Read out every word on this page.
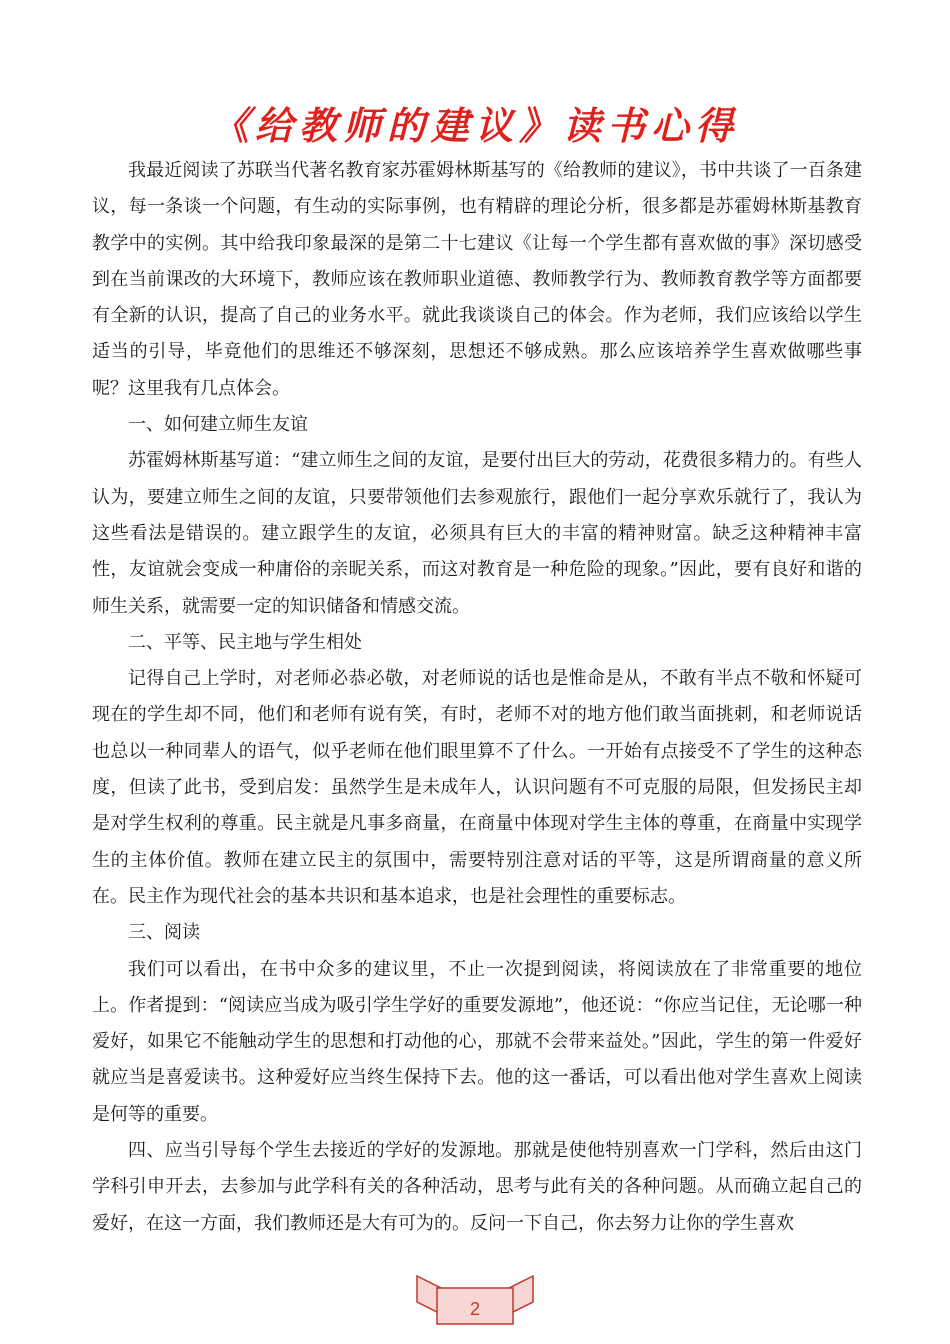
《给教师的建议》读书心得

我最近阅读了苏联当代著名教育家苏霍姆林斯基写的《给教师的建议》，书中共谈了一百条建议，每一条谈一个问题，有生动的实际事例，也有精辟的理论分析，很多都是苏霍姆林斯基教育教学中的实例。其中给我印象最深的是第二十七建议《让每一个学生都有喜欢做的事》深切感受到在当前课改的大环境下，教师应该在教师职业道德、教师教学行为、教师教育教学等方面都要有全新的认识，提高了自己的业务水平。就此我谈谈自己的体会。作为老师，我们应该给以学生适当的引导，毕竟他们的思维还不够深刻，思想还不够成熟。那么应该培养学生喜欢做哪些事呢？这里我有几点体会。

一、如何建立师生友谊

苏霍姆林斯基写道：“建立师生之间的友谊，是要付出巨大的劳动，花费很多精力的。有些人认为，要建立师生之间的友谊，只要带领他们去参观旅行，跟他们一起分享欢乐就行了，我认为这些看法是错误的。建立跟学生的友谊，必须具有巨大的丰富的精神财富。缺乏这种精神丰富性，友谊就会变成一种庸俗的亲昵关系，而这对教育是一种危险的现象。”因此，要有良好和谐的师生关系，就需要一定的知识储备和情感交流。

二、平等、民主地与学生相处

记得自己上学时，对老师必恭必敬，对老师说的话也是惟命是从，不敢有半点不敬和怀疑可现在的学生却不同，他们和老师有说有笑，有时，老师不对的地方他们敢当面挑刺，和老师说话也总以一种同辈人的语气，似乎老师在他们眼里算不了什么。一开始有点接受不了学生的这种态度，但读了此书，受到启发：虽然学生是未成年人，认识问题有不可克服的局限，但发扬民主却是对学生权利的尊重。民主就是凡事多商量，在商量中体现对学生主体的尊重，在商量中实现学生的主体价值。教师在建立民主的氛围中，需要特别注意对话的平等，这是所谓商量的意义所在。民主作为现代社会的基本共识和基本追求，也是社会理性的重要标志。

三、阅读

我们可以看出，在书中众多的建议里，不止一次提到阅读，将阅读放在了非常重要的地位上。作者提到：“阅读应当成为吸引学生学好的重要发源地”，他还说：“你应当记住，无论哪一种爱好，如果它不能触动学生的思想和打动他的心，那就不会带来益处。”因此，学生的第一件爱好就应当是喜爱读书。这种爱好应当终生保持下去。他的这一番话，可以看出他对学生喜欢上阅读是何等的重要。

四、应当引导每个学生去接近的学好的发源地。那就是使他特别喜欢一门学科，然后由这门学科引申开去，去参加与此学科有关的各种活动，思考与此有关的各种问题。从而确立起自己的爱好，在这一方面，我们教师还是大有可为的。反问一下自己，你去努力让你的学生喜欢

2
